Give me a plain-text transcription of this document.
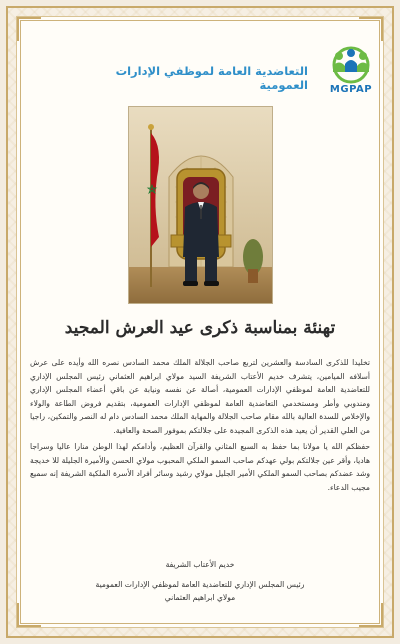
MGPAP
التعاضدية العامة لموظفي الإدارات العمومية
تهنئة بمناسبة ذكرى عيد العرش المجيد

تخليدا للذكرى السادسة والعشرين لتربع صاحب الجلالة الملك محمد السادس نصره الله وأيده على عرش أسلافه الميامين، يتشرف خديم الأعتاب الشريفة السيد مولاي ابراهيم العثماني رئيس المجلس الإداري للتعاضدية العامة لموظفي الإدارات العمومية، أصالة عن نفسه ونيابة عن باقي أعضاء المجلس الإداري ومندوبي وأطر ومستخدمي التعاضدية العامة لموظفي الإدارات العمومية، بتقديم فروض الطاعة والولاء والإخلاص للسدة العالية بالله مقام صاحب الجلالة والمهابة الملك محمد السادس دام له النصر والتمكين، راجيا من العلي القدير أن يعيد هذه الذكرى المجيدة على جلالتكم بموفور الصحة والعافية.

حفظكم الله يا مولانا بما حفظ به السبع المثاني والقرآن العظيم، وأدامكم لهذا الوطن منارا عاليا وسراجا هاديا، وأقر عين جلالتكم بولي عهدكم صاحب السمو الملكي المحبوب مولاي الحسن والأميرة الجليلة للا خديجة وشد عضدكم بصاحب السمو الملكي الأمير الجليل مولاي رشيد وسائر أفراد الأسرة الملكية الشريفة إنه سميع مجيب الدعاء.

خديم الأعتاب الشريفة
رئيس المجلس الإداري للتعاضدية العامة لموظفي الإدارات العمومية
مولاي ابراهيم العثماني
